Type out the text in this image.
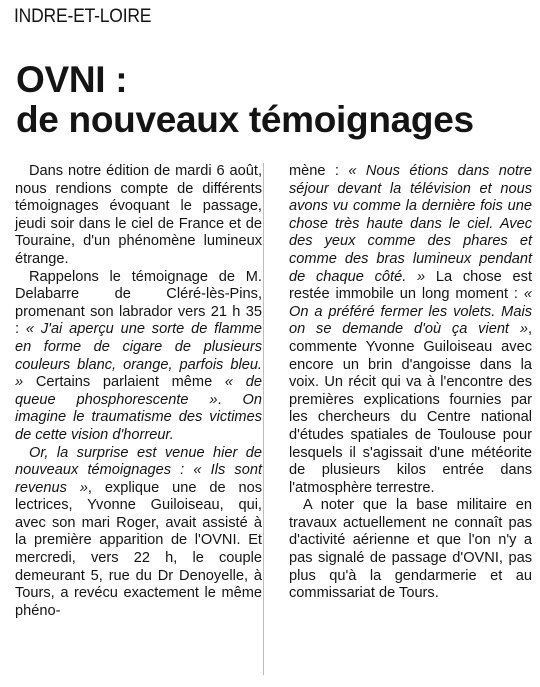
INDRE-ET-LOIRE
OVNI :
de nouveaux témoignages

Dans notre édition de mardi 6 août, nous rendions compte de différents témoignages évoquant le passage, jeudi soir dans le ciel de France et de Touraine, d'un phénomène lumineux étrange.

Rappelons le témoignage de M. Delabarre de Cléré-lès-Pins, promenant son labrador vers 21 h 35 : « J'ai aperçu une sorte de flamme en forme de cigare de plusieurs couleurs blanc, orange, parfois bleu. » Certains parlaient même « de queue phosphorescente ». On imagine le traumatisme des victimes de cette vision d'horreur.

Or, la surprise est venue hier de nouveaux témoignages : « Ils sont revenus », explique une de nos lectrices, Yvonne Guiloiseau, qui, avec son mari Roger, avait assisté à la première apparition de l'OVNI. Et mercredi, vers 22 h, le couple demeurant 5, rue du Dr Denoyelle, à Tours, a revécu exactement le même phéno-

mène : « Nous étions dans notre séjour devant la télévision et nous avons vu comme la dernière fois une chose très haute dans le ciel. Avec des yeux comme des phares et comme des bras lumineux pendant de chaque côté. » La chose est restée immobile un long moment : « On a préféré fermer les volets. Mais on se demande d'où ça vient », commente Yvonne Guiloiseau avec encore un brin d'angoisse dans la voix. Un récit qui va à l'encontre des premières explications fournies par les chercheurs du Centre national d'études spatiales de Toulouse pour lesquels il s'agissait d'une météorite de plusieurs kilos entrée dans l'atmosphère terrestre.

A noter que la base militaire en travaux actuellement ne connaît pas d'activité aérienne et que l'on n'y a pas signalé de passage d'OVNI, pas plus qu'à la gendarmerie et au commissariat de Tours.
